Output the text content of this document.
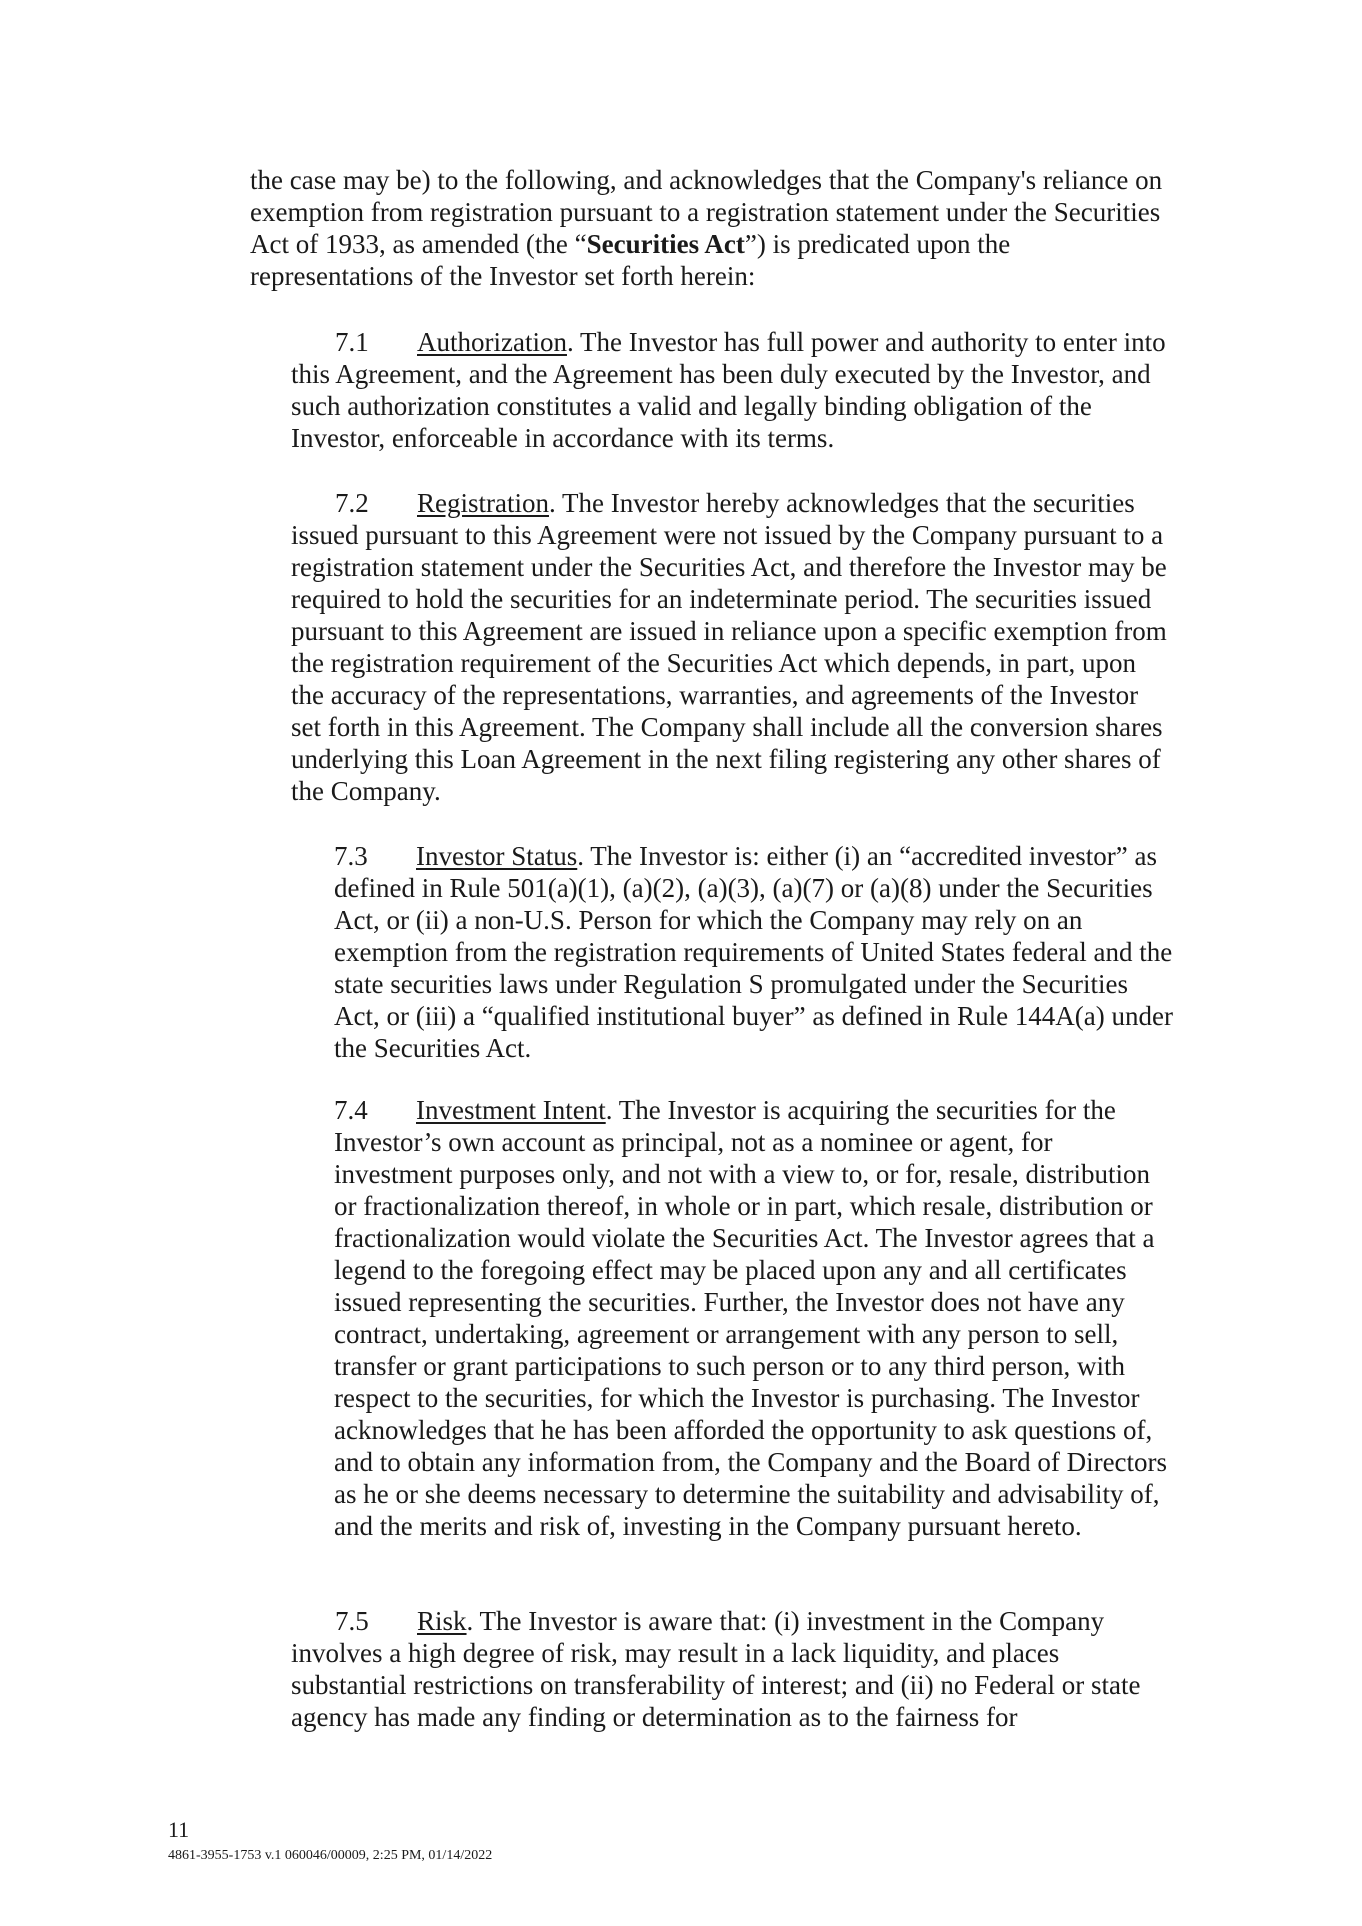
the case may be) to the following, and acknowledges that the Company's reliance on exemption from registration pursuant to a registration statement under the Securities Act of 1933, as amended (the “Securities Act”) is predicated upon the representations of the Investor set forth herein:

7.1 Authorization. The Investor has full power and authority to enter into this Agreement, and the Agreement has been duly executed by the Investor, and such authorization constitutes a valid and legally binding obligation of the Investor, enforceable in accordance with its terms.

7.2 Registration. The Investor hereby acknowledges that the securities issued pursuant to this Agreement were not issued by the Company pursuant to a registration statement under the Securities Act, and therefore the Investor may be required to hold the securities for an indeterminate period. The securities issued pursuant to this Agreement are issued in reliance upon a specific exemption from the registration requirement of the Securities Act which depends, in part, upon the accuracy of the representations, warranties, and agreements of the Investor set forth in this Agreement. The Company shall include all the conversion shares underlying this Loan Agreement in the next filing registering any other shares of the Company.

7.3 Investor Status. The Investor is: either (i) an “accredited investor” as defined in Rule 501(a)(1), (a)(2), (a)(3), (a)(7) or (a)(8) under the Securities Act, or (ii) a non-U.S. Person for which the Company may rely on an exemption from the registration requirements of United States federal and the state securities laws under Regulation S promulgated under the Securities Act, or (iii) a “qualified institutional buyer” as defined in Rule 144A(a) under the Securities Act.

7.4 Investment Intent. The Investor is acquiring the securities for the Investor’s own account as principal, not as a nominee or agent, for investment purposes only, and not with a view to, or for, resale, distribution or fractionalization thereof, in whole or in part, which resale, distribution or fractionalization would violate the Securities Act. The Investor agrees that a legend to the foregoing effect may be placed upon any and all certificates issued representing the securities. Further, the Investor does not have any contract, undertaking, agreement or arrangement with any person to sell, transfer or grant participations to such person or to any third person, with respect to the securities, for which the Investor is purchasing. The Investor acknowledges that he has been afforded the opportunity to ask questions of, and to obtain any information from, the Company and the Board of Directors as he or she deems necessary to determine the suitability and advisability of, and the merits and risk of, investing in the Company pursuant hereto.

7.5 Risk. The Investor is aware that: (i) investment in the Company involves a high degree of risk, may result in a lack liquidity, and places substantial restrictions on transferability of interest; and (ii) no Federal or state agency has made any finding or determination as to the fairness for

11
4861-3955-1753 v.1 060046/00009, 2:25 PM, 01/14/2022
